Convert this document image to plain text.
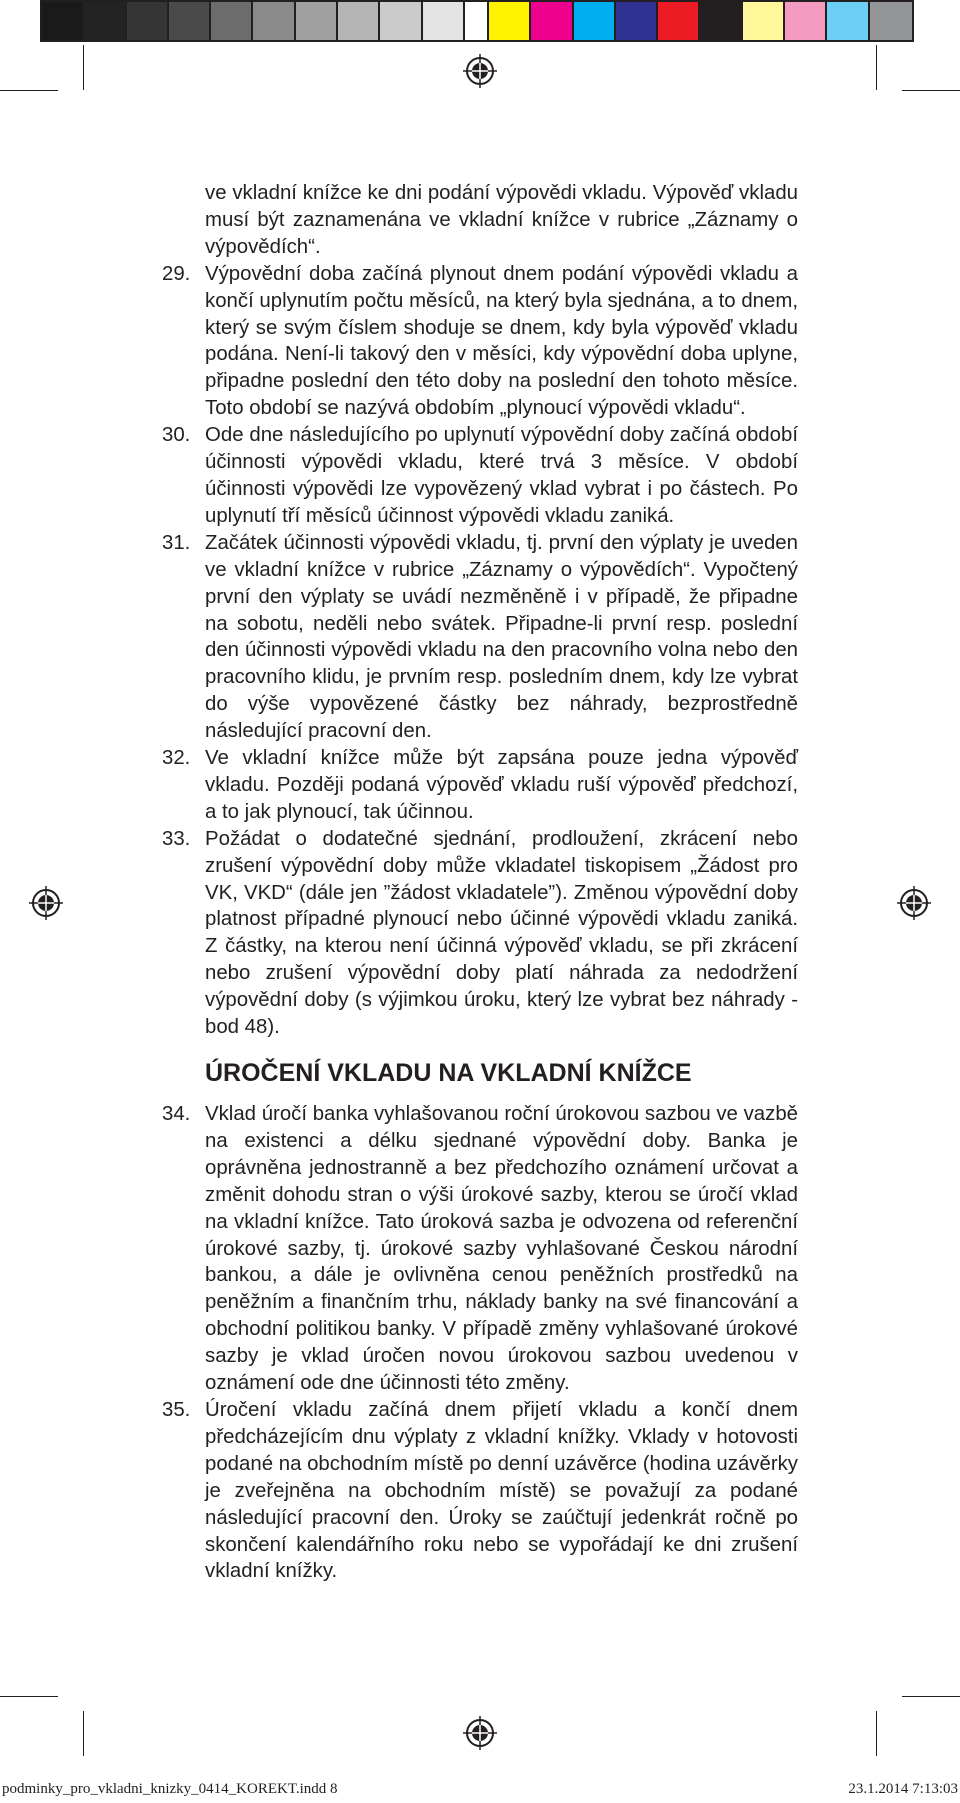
ve vkladní knížce ke dni podání výpovědi vkladu. Výpověď vkladu musí být zaznamenána ve vkladní knížce v rubrice „Záznamy o výpovědích“.

29. Výpovědní doba začíná plynout dnem podání výpovědi vkladu a končí uplynutím počtu měsíců, na který byla sjednána, a to dnem, který se svým číslem shoduje se dnem, kdy byla výpověď vkladu podána. Není-li takový den v měsíci, kdy výpovědní doba uplyne, připadne poslední den této doby na poslední den tohoto měsíce. Toto období se nazývá obdobím „plynoucí výpovědi vkladu“.

30. Ode dne následujícího po uplynutí výpovědní doby začíná období účinnosti výpovědi vkladu, které trvá 3 měsíce. V období účinnosti výpovědi lze vypovězený vklad vybrat i po částech. Po uplynutí tří měsíců účinnost výpovědi vkladu zaniká.

31. Začátek účinnosti výpovědi vkladu, tj. první den výplaty je uveden ve vkladní knížce v rubrice „Záznamy o výpovědích“. Vypočtený první den výplaty se uvádí nezměněně i v případě, že připadne na sobotu, neděli nebo svátek. Připadne-li první resp. poslední den účinnosti výpovědi vkladu na den pracovního volna nebo den pracovního klidu, je prvním resp. posledním dnem, kdy lze vybrat do výše vypovězené částky bez náhrady, bezprostředně následující pracovní den.

32. Ve vkladní knížce může být zapsána pouze jedna výpověď vkladu. Později podaná výpověď vkladu ruší výpověď předchozí, a to jak plynoucí, tak účinnou.

33. Požádat o dodatečné sjednání, prodloužení, zkrácení nebo zrušení výpovědní doby může vkladatel tiskopisem „Žádost pro VK, VKD“ (dále jen ”žádost vkladatele”). Změnou výpovědní doby platnost případné plynoucí nebo účinné výpovědi vkladu zaniká. Z částky, na kterou není účinná výpověď vkladu, se při zkrácení nebo zrušení výpovědní doby platí náhrada za nedodržení výpovědní doby (s výjimkou úroku, který lze vybrat bez náhrady - bod 48).

ÚROČENÍ VKLADU NA VKLADNÍ KNÍŽCE
34. Vklad úročí banka vyhlašovanou roční úrokovou sazbou ve vazbě na existenci a délku sjednané výpovědní doby. Banka je oprávněna jednostranně a bez předchozího oznámení určovat a změnit dohodu stran o výši úrokové sazby, kterou se úročí vklad na vkladní knížce. Tato úroková sazba je odvozena od referenční úrokové sazby, tj. úrokové sazby vyhlašované Českou národní bankou, a dále je ovlivněna cenou peněžních prostředků na peněžním a finančním trhu, náklady banky na své financování a obchodní politikou banky. V případě změny vyhlašované úrokové sazby je vklad úročen novou úrokovou sazbou uvedenou v oznámení ode dne účinnosti této změny.

35. Úročení vkladu začíná dnem přijetí vkladu a končí dnem předcházejícím dnu výplaty z vkladní knížky. Vklady v hotovosti podané na obchodním místě po denní uzávěrce (hodina uzávěrky je zveřejněna na obchodním místě) se považují za podané následující pracovní den. Úroky se zaúčtují jedenkrát ročně po skončení kalendářního roku nebo se vypořádají ke dni zrušení vkladní knížky.

podminky_pro_vkladni_knizky_0414_KOREKT.indd 8	23.1.2014 7:13:03
